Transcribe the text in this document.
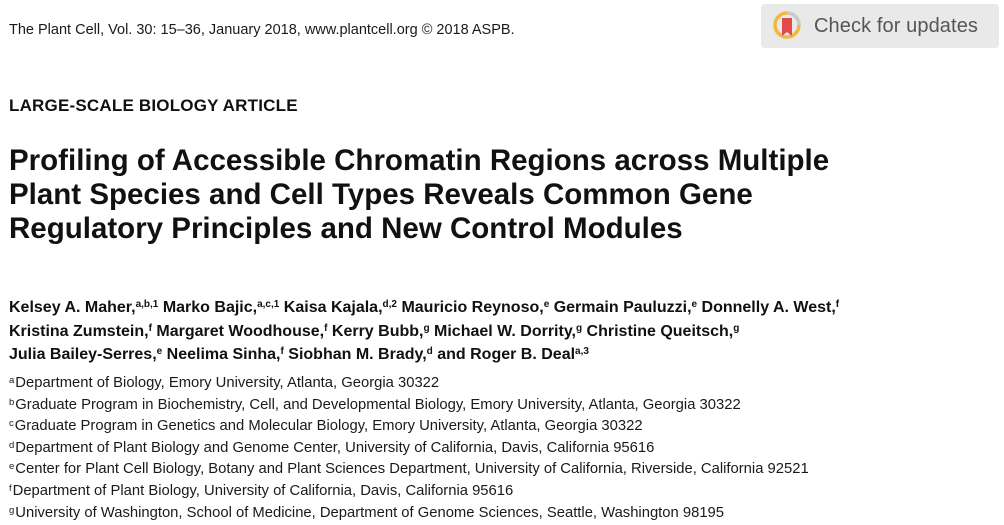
The Plant Cell, Vol. 30: 15–36, January 2018, www.plantcell.org © 2018 ASPB.	Check for updates
LARGE-SCALE BIOLOGY ARTICLE
Profiling of Accessible Chromatin Regions across Multiple
Plant Species and Cell Types Reveals Common Gene
Regulatory Principles and New Control Modules
Kelsey A. Maher,$^{a,b,1}$ Marko Bajic,$^{a,c,1}$ Kaisa Kajala,$^{d,2}$ Mauricio Reynoso,$^e$ Germain Pauluzzi,$^e$ Donnelly A. West,$^f$
Kristina Zumstein,$^f$ Margaret Woodhouse,$^f$ Kerry Bubb,$^g$ Michael W. Dorrity,$^g$ Christine Queitsch,$^g$
Julia Bailey-Serres,$^e$ Neelima Sinha,$^f$ Siobhan M. Brady,$^d$ and Roger B. Deal$^{a,3}$
$^a$Department of Biology, Emory University, Atlanta, Georgia 30322
$^b$Graduate Program in Biochemistry, Cell, and Developmental Biology, Emory University, Atlanta, Georgia 30322
$^c$Graduate Program in Genetics and Molecular Biology, Emory University, Atlanta, Georgia 30322
$^d$Department of Plant Biology and Genome Center, University of California, Davis, California 95616
$^e$Center for Plant Cell Biology, Botany and Plant Sciences Department, University of California, Riverside, California 92521
$^f$Department of Plant Biology, University of California, Davis, California 95616
$^g$University of Washington, School of Medicine, Department of Genome Sciences, Seattle, Washington 98195
